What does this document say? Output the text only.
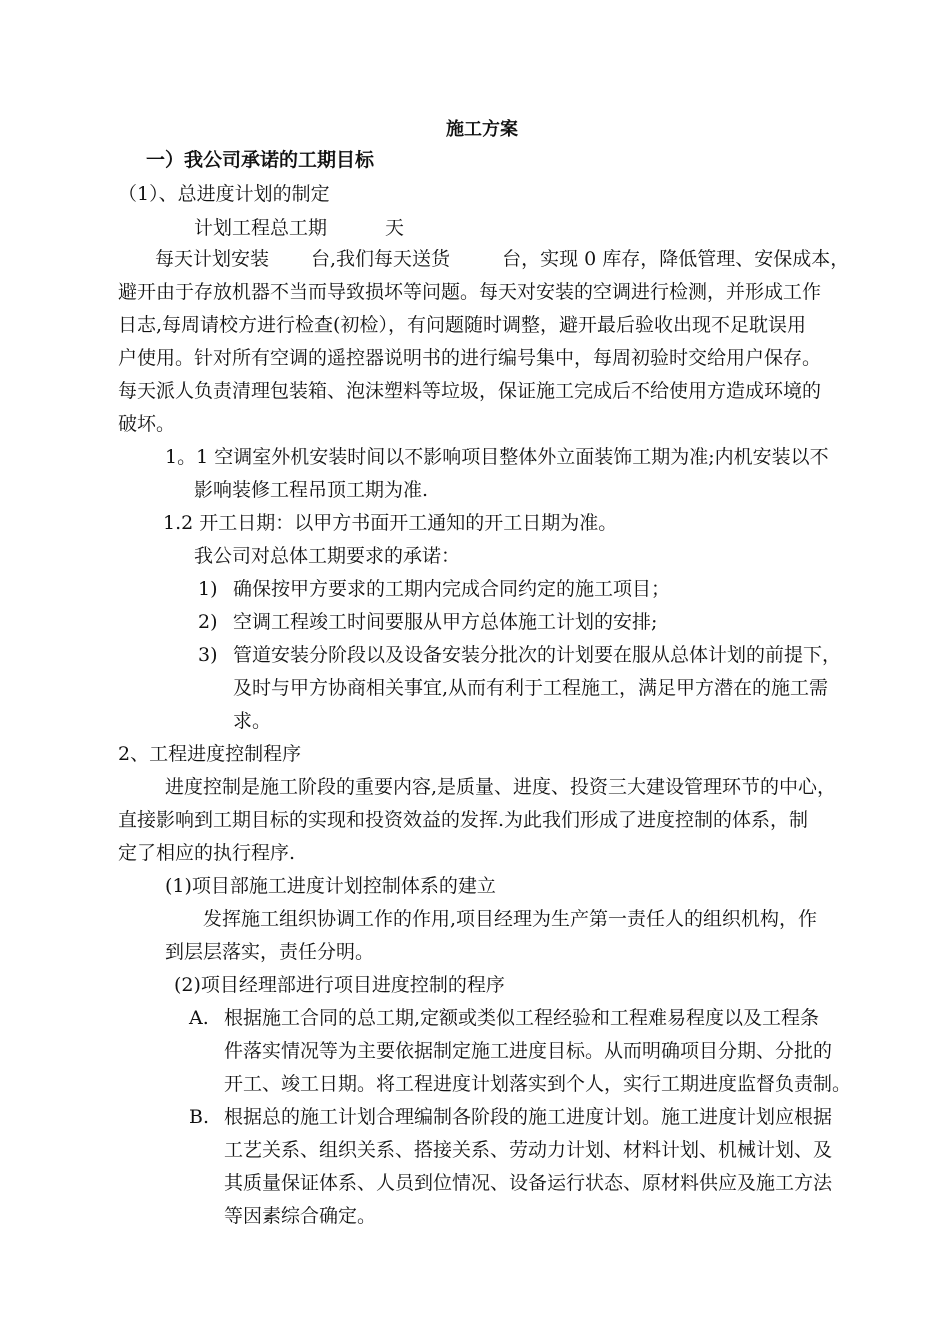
施工方案
一）我公司承诺的工期目标
（1）、总进度计划的制定
计划工程总工期	天
每天计划安装 台,我们每天送货	台，实现 0 库存，降低管理、安保成本，
避开由于存放机器不当而导致损坏等问题。每天对安装的空调进行检测，并形成工作
日志,每周请校方进行检查(初检），有问题随时调整，避开最后验收出现不足耽误用
户使用。针对所有空调的遥控器说明书的进行编号集中，每周初验时交给用户保存。
每天派人负责清理包装箱、泡沫塑料等垃圾，保证施工完成后不给使用方造成环境的
破坏。
1。1 空调室外机安装时间以不影响项目整体外立面装饰工期为准;内机安装以不
影响装修工程吊顶工期为准.
1.2 开工日期：以甲方书面开工通知的开工日期为准。
我公司对总体工期要求的承诺：
1) 确保按甲方要求的工期内完成合同约定的施工项目；
2) 空调工程竣工时间要服从甲方总体施工计划的安排;
3) 管道安装分阶段以及设备安装分批次的计划要在服从总体计划的前提下，
及时与甲方协商相关事宜,从而有利于工程施工，满足甲方潜在的施工需
求。
2、工程进度控制程序
进度控制是施工阶段的重要内容,是质量、进度、投资三大建设管理环节的中心，
直接影响到工期目标的实现和投资效益的发挥.为此我们形成了进度控制的体系，制
定了相应的执行程序.
(1)项目部施工进度计划控制体系的建立
发挥施工组织协调工作的作用,项目经理为生产第一责任人的组织机构，作
到层层落实，责任分明。
(2)项目经理部进行项目进度控制的程序
A. 根据施工合同的总工期,定额或类似工程经验和工程难易程度以及工程条
件落实情况等为主要依据制定施工进度目标。从而明确项目分期、分批的
开工、竣工日期。将工程进度计划落实到个人，实行工期进度监督负责制。
B. 根据总的施工计划合理编制各阶段的施工进度计划。施工进度计划应根据
工艺关系、组织关系、搭接关系、劳动力计划、材料计划、机械计划、及
其质量保证体系、人员到位情况、设备运行状态、原材料供应及施工方法
等因素综合确定。
